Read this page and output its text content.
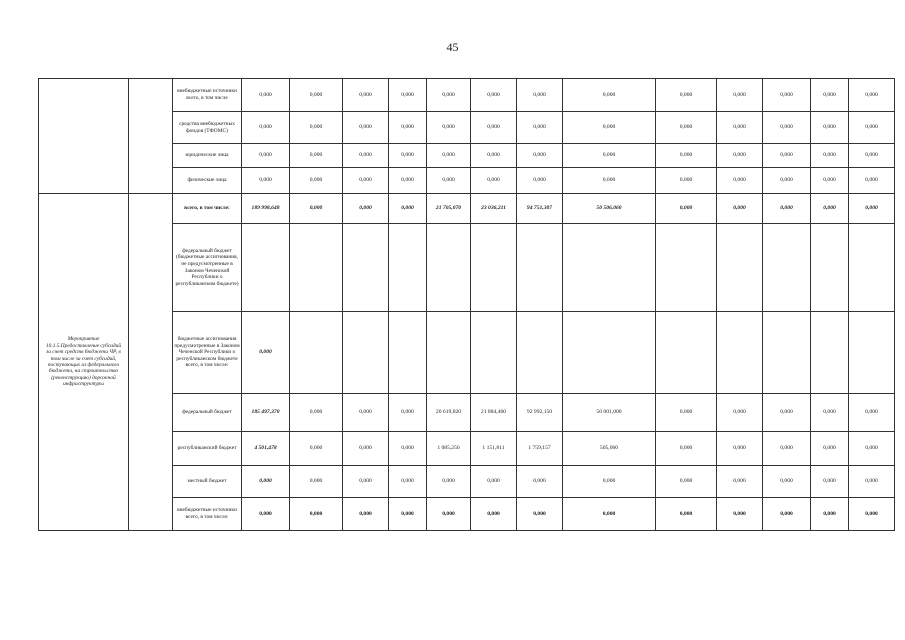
45
		внебюджетные источники всего, в том числе	0,000	0,000	0,000	0,000	0,000	0,000	0,000	0,000	0,000	0,000	0,000	0,000	0,000
		средства внебюджетных фондов (ТФОМС)	0,000	0,000	0,000	0,000	0,000	0,000	0,000	0,000	0,000	0,000	0,000	0,000	0,000
		юридические лица	0,000	0,000	0,000	0,000	0,000	0,000	0,000	0,000	0,000	0,000	0,000	0,000	0,000
		физические лица	0,000	0,000	0,000	0,000	0,000	0,000	0,000	0,000	0,000	0,000	0,000	0,000	0,000
Мероприятие 10.1.5.Предоставление субсидий за счет средств бюджета ЧР, в том числе за счет субсидий, поступающих из федерального бюджета, на строительство (реконструкцию) дорожной инфраструктуры		всего, в том числе:	189 998,648	0,000	0,000	0,000	21 705,070	23 036,211	94 751,307	50 506,060	0,000	0,000	0,000	0,000	0,000
		федеральный бюджет (бюджетные ассигнования, не предусмотренные в Законом Чеченской Республики о республиканском бюджете)													
		бюджетные ассигнования предусмотренные в Законом Чеченской Республики о республиканском бюджете всего, в том числе:	0,000												
		федеральный бюджет	185 497,370	0,000	0,000	0,000	20 619,820	21 884,400	92 992,150	50 001,000	0,000	0,000	0,000	0,000	0,000
		республиканский бюджет	4 501,478	0,000	0,000	0,000	1 085,250	1 151,811	1 759,157	505,060	0,000	0,000	0,000	0,000	0,000
		местный бюджет	0,000	0,000	0,000	0,000	0,000	0,000	0,000	0,000	0,000	0,000	0,000	0,000	0,000
		внебюджетные источники всего, в том числе:	0,000	0,000	0,000	0,000	0,000	0,000	0,000	0,000	0,000	0,000	0,000	0,000	0,000
